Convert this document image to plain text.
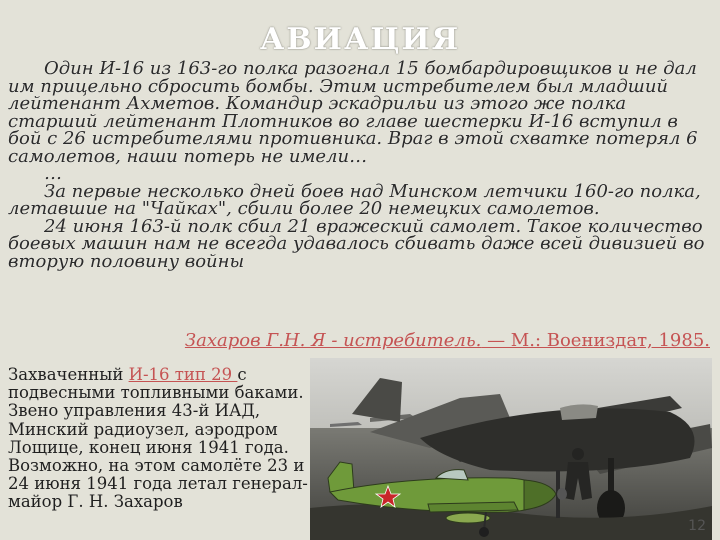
АВИАЦИЯ

Один И-16 из 163-го полка разогнал 15 бомбардировщиков и не дал им прицельно сбросить бомбы. Этим истребителем был младший лейтенант Ахметов. Командир эскадрильи из этого же полка старший лейтенант Плотников во главе шестерки И-16 вступил в бой с 26 истребителями противника. Враг в этой схватке потерял 6 самолетов, наши потерь не имели…

…

За первые несколько дней боев над Минском летчики 160-го полка, летавшие на "Чайках", сбили более 20 немецких самолетов.

24 июня 163-й полк сбил 21 вражеский самолет. Такое количество боевых машин нам не всегда удавалось сбивать даже всей дивизией во вторую половину войны

Захаров Г.Н. Я - истребитель. — М.: Воениздат, 1985.
Захваченный И-16 тип 29 с подвесными топливными баками. Звено управления 43-й ИАД, Минский радиоузел, аэродром Лощице, конец июня 1941 года. Возможно, на этом самолёте 23 и 24 июня 1941 года летал генерал-майор Г. Н. Захаров
12
